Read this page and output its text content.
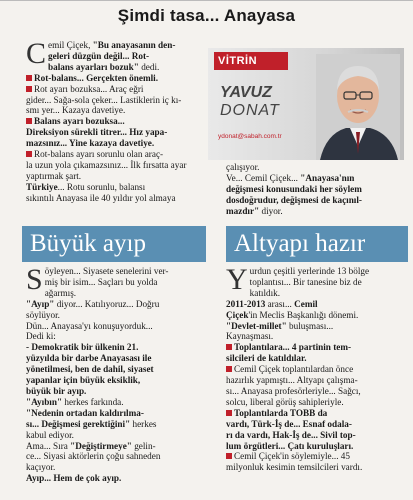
Şimdi tasa... Anayasa
C emil Çiçek, "Bu anayasanın den-

geleri düzgün değil... Rot-

balans ayarları bozuk" dedi.

Rot-balans... Gerçekten önemli.

Rot ayarı bozuksa... Araç eğri

gider... Sağa-sola çeker... Lastiklerin iç kı-

smı yer... Kazaya davetiye.

Balans ayarı bozuksa...

Direksiyon sürekli titrer... Hız yapa-

mazsınız... Yine kazaya davetiye.

Rot-balans ayarı sorunlu olan araç-

la uzun yola çıkamazsınız... İlk fırsatta ayar

yaptırmak şart.

Türkiye... Rotu sorunlu, balansı

sıkıntılı Anayasa ile 40 yıldır yol almaya

VİTRİN
YAVUZ
DONAT
ydonat@sabah.com.tr

çalışıyor.

Ve... Cemil Çiçek... "Anayasa'nın

değişmesi konusundaki her söylem

dosdoğrudur, değişmesi de kaçınıl-

mazdır" diyor.

Büyük ayıp	Altyapı hazır
S öyleyen... Siyasete senelerini ver-

miş bir isim... Saçları bu yolda

ağarmış.

"Ayıp" diyor... Katılıyoruz... Doğru

söylüyor.

Dün... Anayasa'yı konuşuyorduk...

Dedi ki:

- Demokratik bir ülkenin 21.

yüzyılda bir darbe Anayasası ile

yönetilmesi, ben de dahil, siyaset

yapanlar için büyük eksiklik,

büyük bir ayıp.

"Ayıbın" herkes farkında.

"Nedenin ortadan kaldırılma-

sı... Değişmesi gerektiğini" herkes

kabul ediyor.

Ama... Sıra "Değiştirmeye" gelin-

ce... Siyasi aktörlerin çoğu sahneden

kaçıyor.

Ayıp... Hem de çok ayıp.

Y urdun çeşitli yerlerinde 13 bölge

toplantısı... Bir tanesine biz de

katıldık.

2011-2013 arası... Cemil

Çiçek'in Meclis Başkanlığı dönemi.

"Devlet-millet" buluşması...

Kaynaşması.

Toplantılara... 4 partinin tem-

silcileri de katıldılar.

Cemil Çiçek toplantılardan önce

hazırlık yapmıştı... Altyapı çalışma-

sı... Anayasa profesörleriyle... Sağcı,

solcu, liberal görüş sahipleriyle.

Toplantılarda TOBB da

vardı, Türk-İş de... Esnaf odala-

rı da vardı, Hak-İş de... Sivil top-

lum örgütleri... Çatı kuruluşları.

Cemil Çiçek'in söylemiyle... 45

milyonluk kesimin temsilcileri vardı.
